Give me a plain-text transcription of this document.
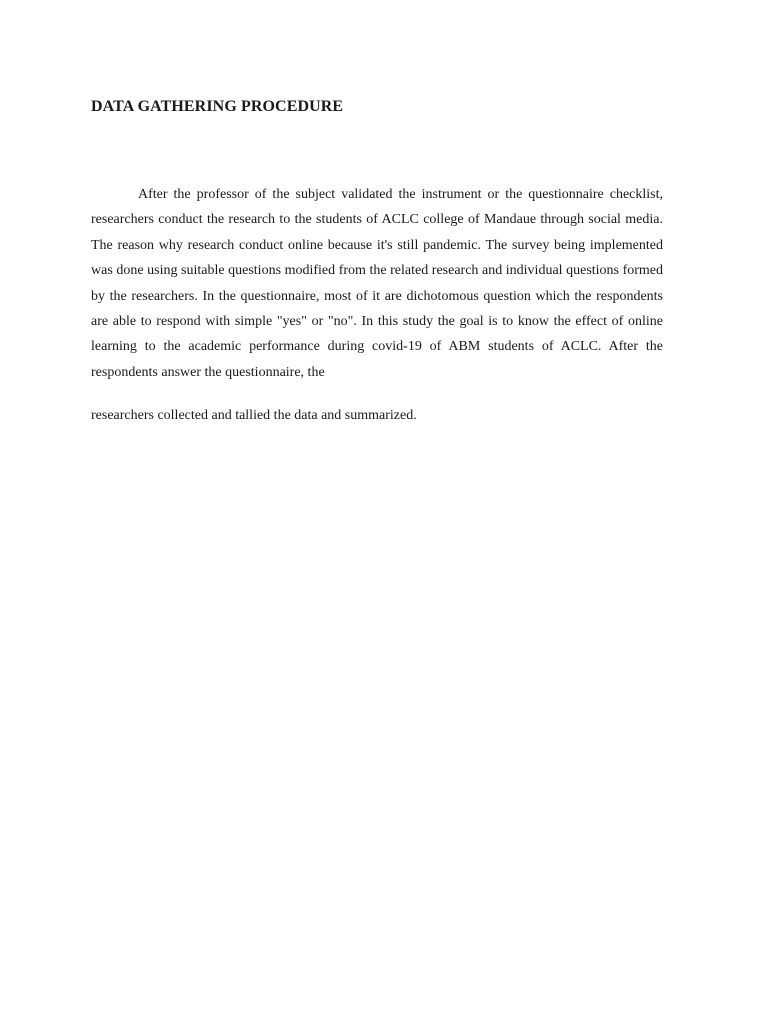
DATA GATHERING PROCEDURE

After the professor of the subject validated the instrument or the questionnaire checklist, researchers conduct the research to the students of ACLC college of Mandaue through social media. The reason why research conduct online because it's still pandemic. The survey being implemented was done using suitable questions modified from the related research and individual questions formed by the researchers. In the questionnaire, most of it are dichotomous question which the respondents are able to respond with simple "yes" or "no". In this study the goal is to know the effect of online learning to the academic performance during covid-19 of ABM students of ACLC. After the respondents answer the questionnaire, the

researchers collected and tallied the data and summarized.
